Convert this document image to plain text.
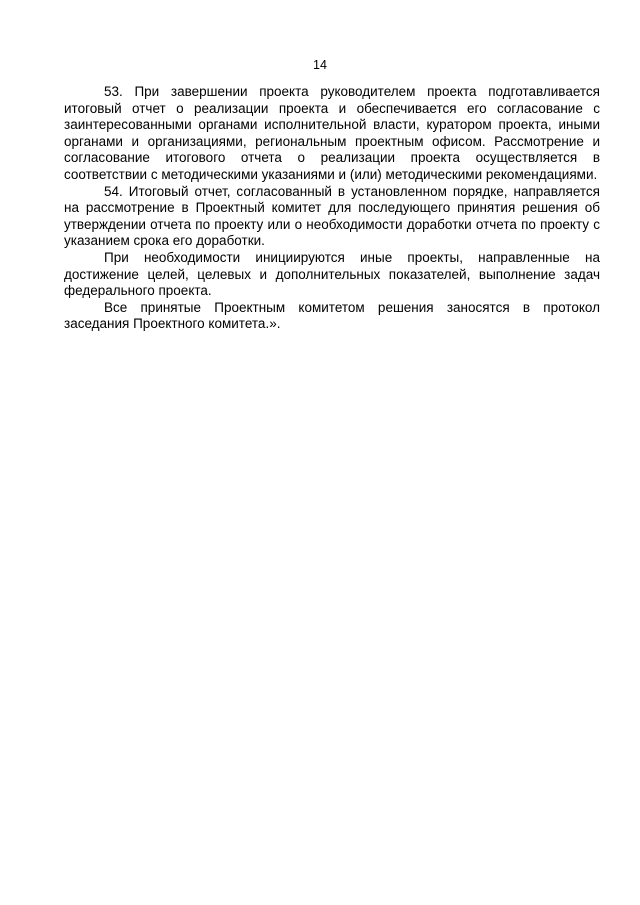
14

53. При завершении проекта руководителем проекта подготавливается итоговый отчет о реализации проекта и обеспечивается его согласование с заинтересованными органами исполнительной власти, куратором проекта, иными органами и организациями, региональным проектным офисом. Рассмотрение и согласование итогового отчета о реализации проекта осуществляется в соответствии с методическими указаниями и (или) методическими рекомендациями.

54. Итоговый отчет, согласованный в установленном порядке, направляется на рассмотрение в Проектный комитет для последующего принятия решения об утверждении отчета по проекту или о необходимости доработки отчета по проекту с указанием срока его доработки.

При необходимости инициируются иные проекты, направленные на достижение целей, целевых и дополнительных показателей, выполнение задач федерального проекта.

Все принятые Проектным комитетом решения заносятся в протокол заседания Проектного комитета.».
